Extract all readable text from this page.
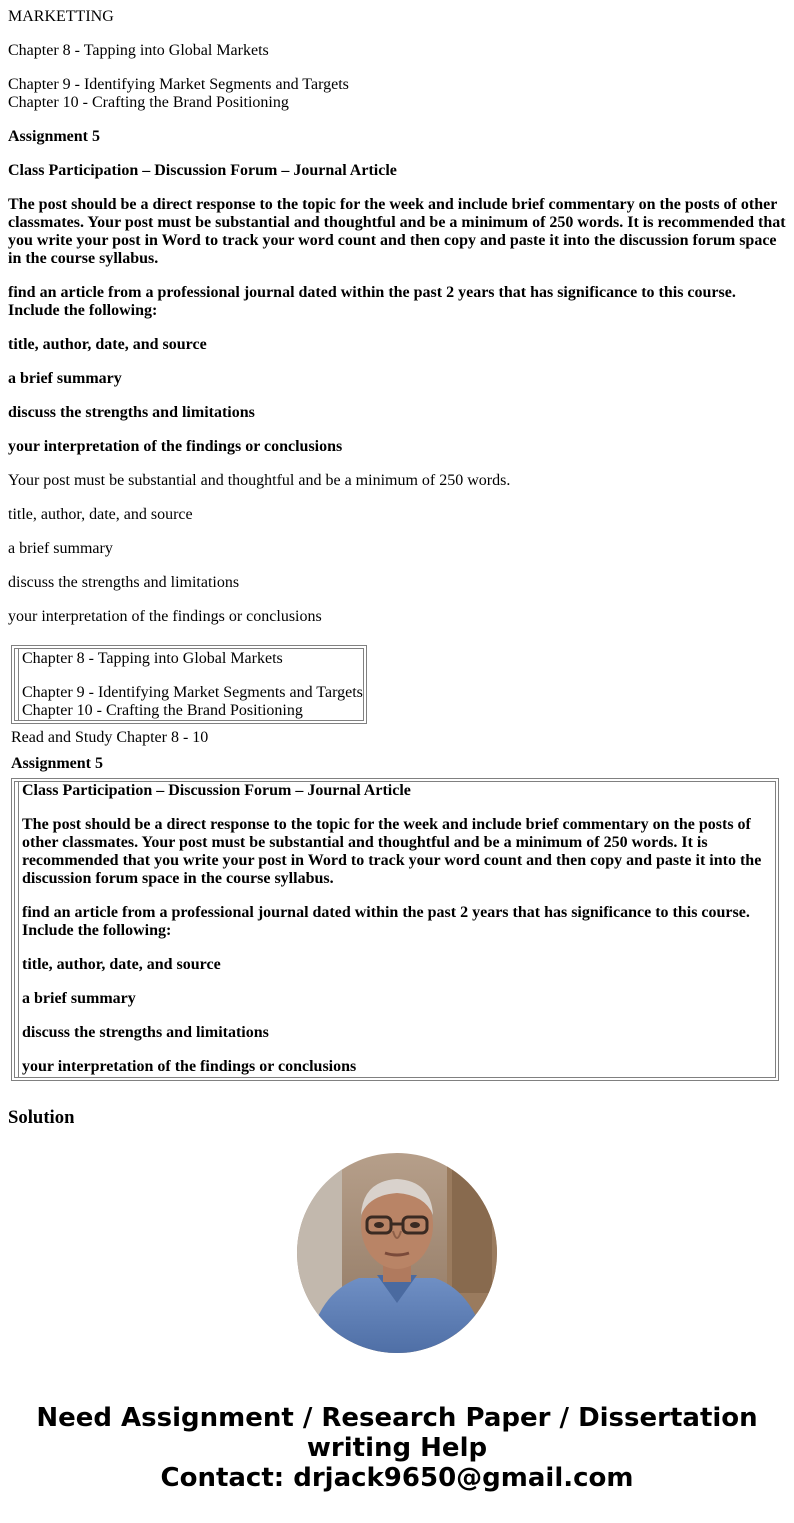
MARKETTING

Chapter 8 - Tapping into Global Markets

Chapter 9 - Identifying Market Segments and Targets

Chapter 10 - Crafting the Brand Positioning

Assignment 5

Class Participation – Discussion Forum – Journal Article

The post should be a direct response to the topic for the week and include brief commentary on the posts of other classmates. Your post must be substantial and thoughtful and be a minimum of 250 words. It is recommended that you write your post in Word to track your word count and then copy and paste it into the discussion forum space in the course syllabus.

find an article from a professional journal dated within the past 2 years that has significance to this course. Include the following:

title, author, date, and source

a brief summary

discuss the strengths and limitations

your interpretation of the findings or conclusions

Your post must be substantial and thoughtful and be a minimum of 250 words.

title, author, date, and source

a brief summary

discuss the strengths and limitations

your interpretation of the findings or conclusions

Chapter 8 - Tapping into Global Markets
Chapter 9 - Identifying Market Segments and Targets
Chapter 10 - Crafting the Brand Positioning
Read and Study Chapter 8 - 10
Assignment 5

Class Participation – Discussion Forum – Journal Article

The post should be a direct response to the topic for the week and include brief commentary on the posts of other classmates. Your post must be substantial and thoughtful and be a minimum of 250 words. It is recommended that you write your post in Word to track your word count and then copy and paste it into the discussion forum space in the course syllabus.

find an article from a professional journal dated within the past 2 years that has significance to this course. Include the following:

title, author, date, and source

a brief summary

discuss the strengths and limitations

your interpretation of the findings or conclusions

Solution
Need Assignment / Research Paper / Dissertation
writing Help
Contact: drjack9650@gmail.com
